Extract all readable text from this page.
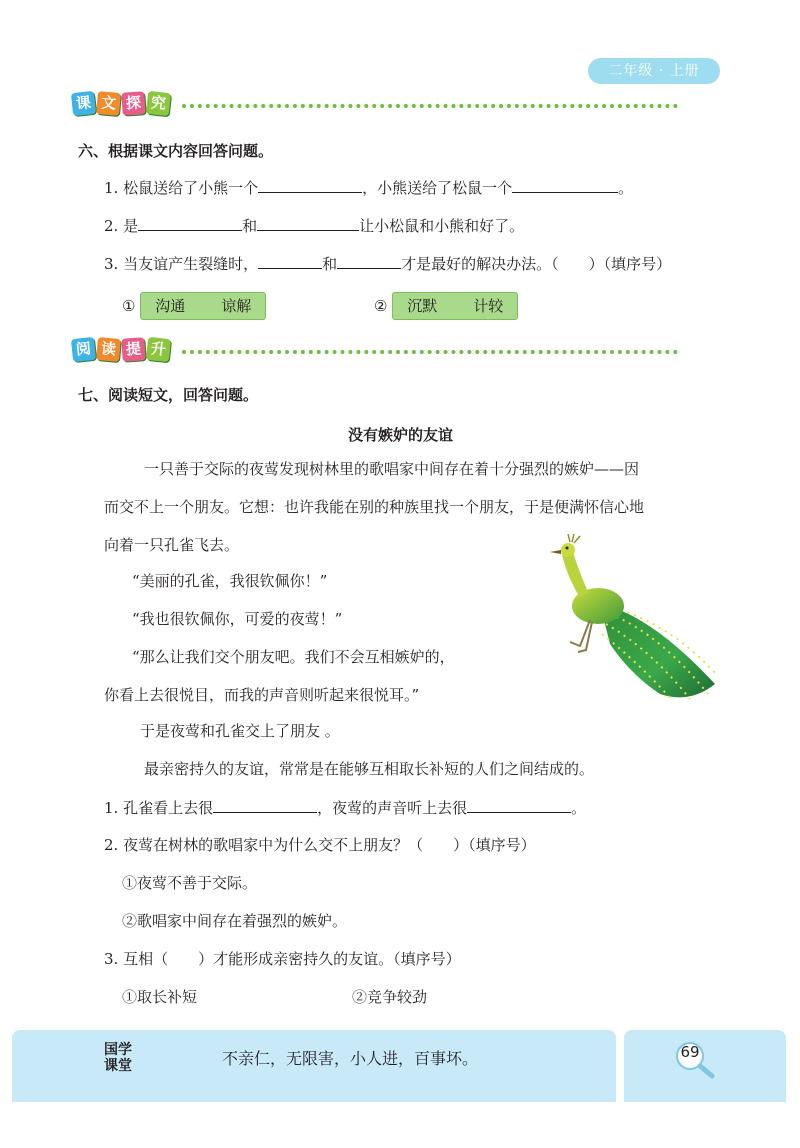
二年级 · 上册
课 文 探 究
六、根据课文内容回答问题。
1. 松鼠送给了小熊一个	，小熊送给了松鼠一个	。
2. 是	和	让小松鼠和小熊和好了。
3. 当友谊产生裂缝时，	和	才是最好的解决办法。（　　）（填序号）
① 沟通 谅解	② 沉默 计较
阅 读 提 升
七、阅读短文，回答问题。
没有嫉妒的友谊
一只善于交际的夜莺发现树林里的歌唱家中间存在着十分强烈的嫉妒——因
而交不上一个朋友。它想：也许我能在别的种族里找一个朋友，于是便满怀信心地
向着一只孔雀飞去。
“美丽的孔雀，我很钦佩你！”
“我也很钦佩你，可爱的夜莺！”
“那么让我们交个朋友吧。我们不会互相嫉妒的，
你看上去很悦目，而我的声音则听起来很悦耳。”
于是夜莺和孔雀交上了朋友 。
最亲密持久的友谊，常常是在能够互相取长补短的人们之间结成的。
1. 孔雀看上去很	，夜莺的声音听上去很	。
2. 夜莺在树林的歌唱家中为什么交不上朋友？（　　）（填序号）
①夜莺不善于交际。
②歌唱家中间存在着强烈的嫉妒。
3. 互相（　　）才能形成亲密持久的友谊。（填序号）
①取长补短	②竞争较劲
国学
课堂	不亲仁，无限害，小人进，百事坏。	69
